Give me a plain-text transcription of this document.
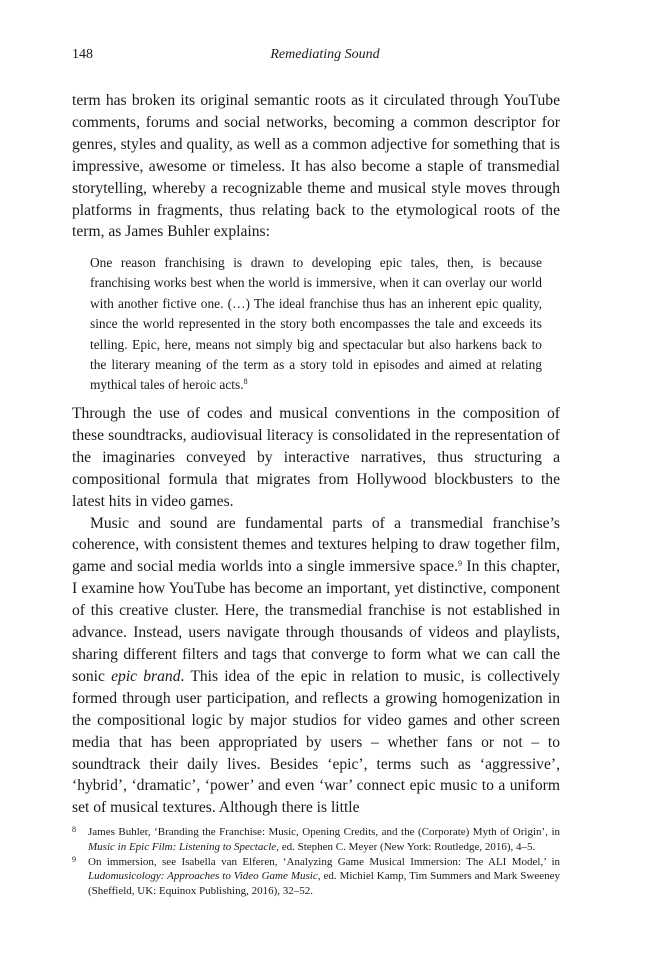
148	Remediating Sound

term has broken its original semantic roots as it circulated through YouTube comments, forums and social networks, becoming a common descriptor for genres, styles and quality, as well as a common adjective for something that is impressive, awesome or timeless. It has also become a staple of transmedial storytelling, whereby a recognizable theme and musical style moves through platforms in fragments, thus relating back to the etymological roots of the term, as James Buhler explains:

One reason franchising is drawn to developing epic tales, then, is because franchising works best when the world is immersive, when it can overlay our world with another fictive one. (…) The ideal franchise thus has an inherent epic quality, since the world represented in the story both encompasses the tale and exceeds its telling. Epic, here, means not simply big and spectacular but also harkens back to the literary meaning of the term as a story told in episodes and aimed at relating mythical tales of heroic acts.$^8$

Through the use of codes and musical conventions in the composition of these soundtracks, audiovisual literacy is consolidated in the representation of the imaginaries conveyed by interactive narratives, thus structuring a compositional formula that migrates from Hollywood blockbusters to the latest hits in video games.

Music and sound are fundamental parts of a transmedial franchise’s coherence, with consistent themes and textures helping to draw together film, game and social media worlds into a single immersive space.$^9$ In this chapter, I examine how YouTube has become an important, yet distinctive, component of this creative cluster. Here, the transmedial franchise is not established in advance. Instead, users navigate through thousands of videos and playlists, sharing different filters and tags that converge to form what we can call the sonic epic brand. This idea of the epic in relation to music, is collectively formed through user participation, and reflects a growing homogenization in the compositional logic by major studios for video games and other screen media that has been appropriated by users – whether fans or not – to soundtrack their daily lives. Besides ‘epic’, terms such as ‘aggressive’, ‘hybrid’, ‘dramatic’, ‘power’ and even ‘war’ connect epic music to a uniform set of musical textures. Although there is little

8 James Buhler, ‘Branding the Franchise: Music, Opening Credits, and the (Corporate) Myth of Origin’, in Music in Epic Film: Listening to Spectacle, ed. Stephen C. Meyer (New York: Routledge, 2016), 4–5.
9 On immersion, see Isabella van Elferen, ‘Analyzing Game Musical Immersion: The ALI Model,’ in Ludomusicology: Approaches to Video Game Music, ed. Michiel Kamp, Tim Summers and Mark Sweeney (Sheffield, UK: Equinox Publishing, 2016), 32–52.
